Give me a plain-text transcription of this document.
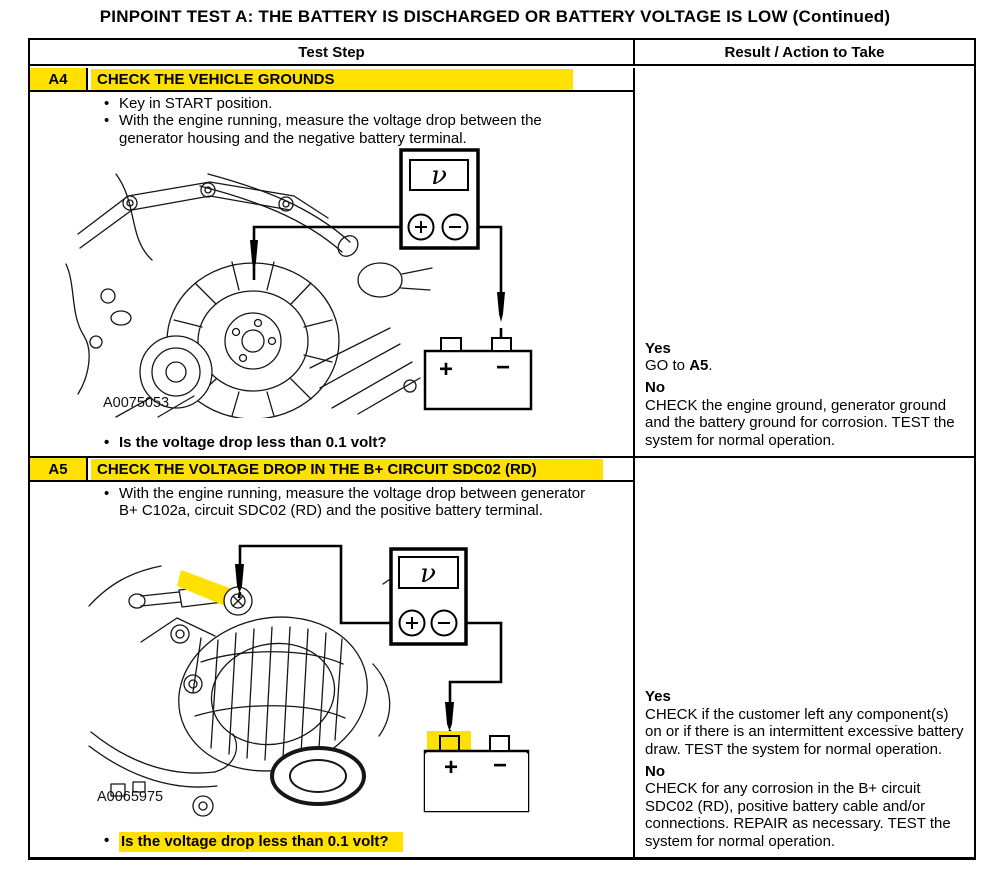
PINPOINT TEST A: THE BATTERY IS DISCHARGED OR BATTERY VOLTAGE IS LOW (Continued)
Test Step	Result / Action to Take
A4	CHECK THE VEHICLE GROUNDS
• Key in START position.
• With the engine running, measure the voltage drop between the generator housing and the negative battery terminal.
ν
+ −
A0075053
• Is the voltage drop less than 0.1 volt?
Yes
GO to A5.
No
CHECK the engine ground, generator ground and the battery ground for corrosion. TEST the system for normal operation.
A5	CHECK THE VOLTAGE DROP IN THE B+ CIRCUIT SDC02 (RD)
• With the engine running, measure the voltage drop between generator B+ C102a, circuit SDC02 (RD) and the positive battery terminal.
ν
+ −
A0065975
• Is the voltage drop less than 0.1 volt?
Yes
CHECK if the customer left any component(s) on or if there is an intermittent excessive battery draw. TEST the system for normal operation.
No
CHECK for any corrosion in the B+ circuit SDC02 (RD), positive battery cable and/or connections. REPAIR as necessary. TEST the system for normal operation.
